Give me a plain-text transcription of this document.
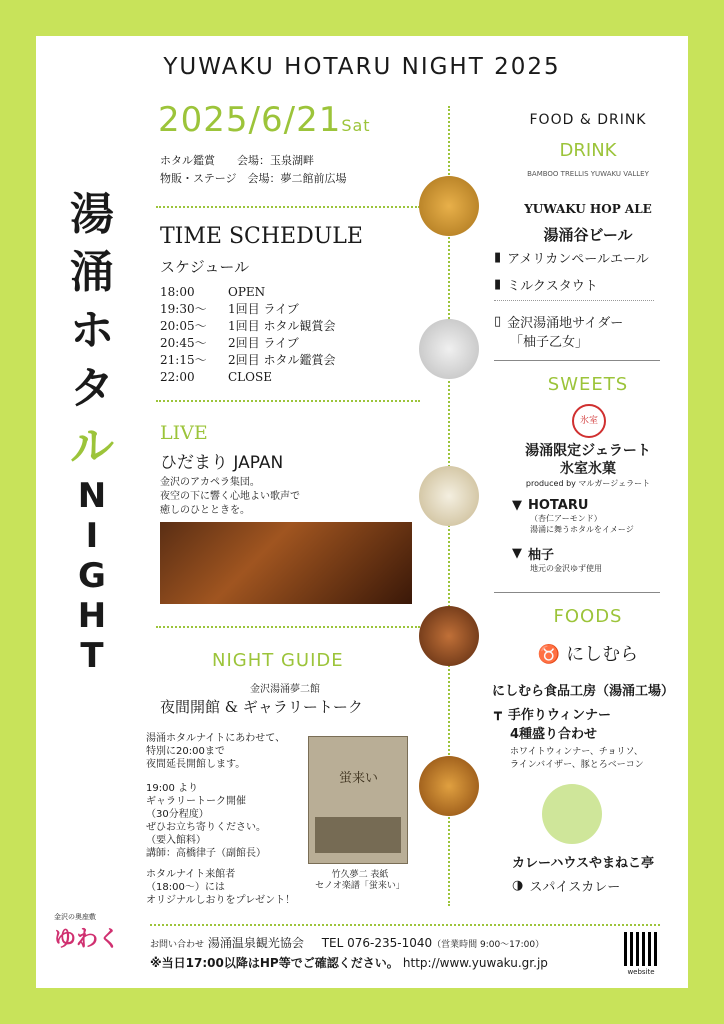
YUWAKU HOTARU NIGHT 2025
2025/6/21Sat
ホタル鑑賞　　会場：玉泉湖畔
物販・ステージ　会場：夢二館前広場
湯
涌
ホ
タ
ル
N
I
G
H
T
TIME SCHEDULE
スケジュール
18:00	OPEN
19:30～ 1回目 ライブ
20:05～ 1回目 ホタル観賞会
20:45～ 2回目 ライブ
21:15～ 2回目 ホタル鑑賞会
22:00	CLOSE
LIVE
ひだまり JAPAN
金沢のアカペラ集団。
夜空の下に響く心地よい歌声で
癒しのひとときを。
NIGHT GUIDE
金沢湯涌夢二館
夜間開館 & ギャラリートーク
湯涌ホタルナイトにあわせて、
特別に20:00まで
夜間延長開館します。
19:00 より
ギャラリートーク開催
（30分程度）
ぜひお立ち寄りください。
（要入館料）
講師：高橋律子（副館長）
ホタルナイト来館者
（18:00～）には
オリジナルしおりをプレゼント！
蛍来い
竹久夢二 表紙
セノオ楽譜「蛍来い」
FOOD & DRINK
DRINK
BAMBOO TRELLIS YUWAKU VALLEY
YUWAKU HOP ALE
湯涌谷ビール
▮ アメリカンペールエール
▮ ミルクスタウト
▯ 金沢湯涌地サイダー
「柚子乙女」
SWEETS
氷室
湯涌限定ジェラート
氷室氷菓
produced by マルガージェラート
▼ HOTARU
（杏仁アーモンド）
湯涌に舞うホタルをイメージ
▼ 柚子
地元の金沢ゆず使用
FOODS
♉ にしむら
にしむら食品工房（湯涌工場）
┳ 手作りウィンナー
4種盛り合わせ
ホワイトウィンナー、チョリソ、
ラインバイザー、豚とろベーコン
カレーハウスやまねこ亭
◑ スパイスカレー
金沢の奥座敷
ゆわく	お問い合わせ 湯涌温泉観光協会 TEL 076-235-1040（営業時間 9:00～17:00）
※当日17:00以降はHP等でご確認ください。 http://www.yuwaku.gr.jp
website
